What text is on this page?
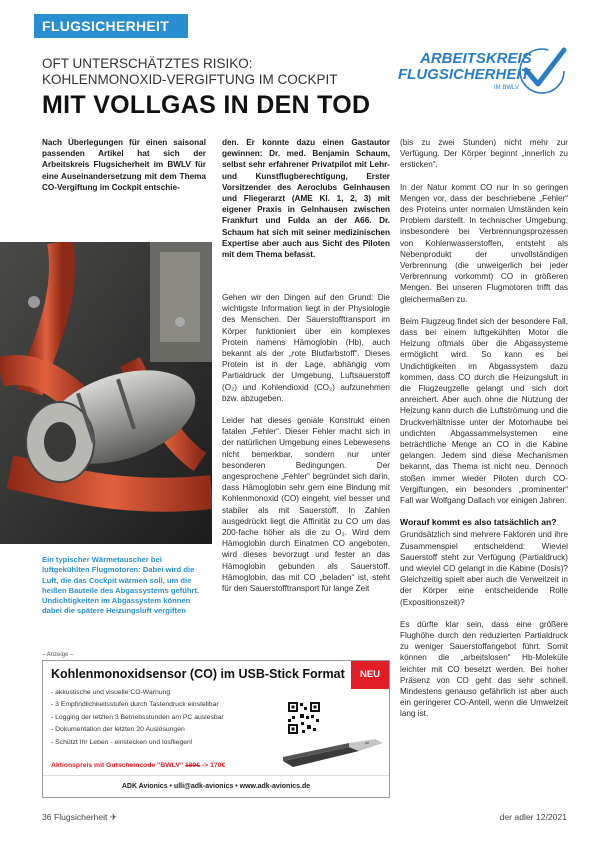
FLUGSICHERHEIT
OFT UNTERSCHÄTZTES RISIKO:
KOHLENMONOXID-VERGIFTUNG IM COCKPIT
MIT VOLLGAS IN DEN TOD
ARBEITSKREIS
FLUGSICHERHEIT
IM BWLV
Nach Überlegungen für einen saisonal passenden Artikel hat sich der Arbeitskreis Flugsicherheit im BWLV für eine Auseinandersetzung mit dem Thema CO-Vergiftung im Cockpit entschie-
den. Er konnte dazu einen Gastautor gewinnen: Dr. med. Benjamin Schaum, selbst sehr erfahrener Privatpilot mit Lehr- und Kunstflugberechtigung, Erster Vorsitzender des Aeroclubs Gelnhausen und Fliegerarzt (AME Kl. 1, 2, 3) mit eigener Praxis in Gelnhausen zwischen Frankfurt und Fulda an der A66. Dr. Schaum hat sich mit seiner medizinischen Expertise aber auch aus Sicht des Piloten mit dem Thema befasst.

Gehen wir den Dingen auf den Grund: Die wichtigste Information liegt in der Physiologie des Menschen. Der Sauerstofftransport im Körper funktioniert über ein komplexes Protein namens Hämoglobin (Hb), auch bekannt als der „rote Blutfarbstoff“. Dieses Protein ist in der Lage, abhängig vom Partialdruck der Umgebung, Luftsauerstoff (O₂) und Kohlendioxid (CO₂) aufzunehmen bzw. abzugeben.

Leider hat dieses geniale Konstrukt einen fatalen „Fehler“. Dieser Fehler macht sich in der natürlichen Umgebung eines Lebewesens nicht bemerkbar, sondern nur unter besonderen Bedingungen. Der angesprochene „Fehler“ begründet sich darin, dass Hämoglobin sehr gern eine Bindung mit Kohlenmonoxid (CO) eingeht, viel besser und stabiler als mit Sauerstoff. In Zahlen ausgedrückt liegt die Affinität zu CO um das 200-fache höher als die zu O₂. Wird dem Hämoglobin durch Einatmen CO angeboten, wird dieses bevorzugt und fester an das Hämoglobin gebunden als Sauerstoff. Hämoglobin, das mit CO „beladen“ ist, steht für den Sauerstofftransport für lange Zeit

(bis zu zwei Stunden) nicht mehr zur Verfügung. Der Körper beginnt „innerlich zu ersticken“.

In der Natur kommt CO nur in so geringen Mengen vor, dass der beschriebene „Fehler“ des Proteins unter normalen Umständen kein Problem darstellt. In technischer Umgebung, insbesondere bei Verbrennungsprozessen von Kohlenwasserstoffen, entsteht als Nebenprodukt der unvollständigen Verbrennung (die unweigerlich bei jeder Verbrennung vorkommt) CO in größeren Mengen. Bei unseren Flugmotoren trifft das gleichermaßen zu.

Beim Flugzeug findet sich der besondere Fall, dass bei einem luftgekühlten Motor die Heizung oftmals über die Abgassysteme ermöglicht wird. So kann es bei Undichtigkeiten im Abgassystem dazu kommen, dass CO durch die Heizungsluft in die Flugzeugzelle gelangt und sich dort anreichert. Aber auch ohne die Nutzung der Heizung kann durch die Luftströmung und die Druckverhältnisse unter der Motorhaube bei undichten Abgassammelsystemen eine beträchtliche Menge an CO in die Kabine gelangen. Jedem sind diese Mechanismen bekannt, das Thema ist nicht neu. Dennoch stoßen immer wieder Piloten durch CO-Vergiftungen, ein besonders „prominenter“ Fall war Wolfgang Dallach vor einigen Jahren.

Worauf kommt es also tatsächlich an?

Grundsätzlich sind mehrere Faktoren und ihre Zusammenspiel entscheidend: Wieviel Sauerstoff steht zur Verfügung (Partialdruck) und wieviel CO gelangt in die Kabine (Dosis)? Gleichzeitig spielt aber auch die Verweilzeit in der Körper eine entscheidende Rolle (Expositionszeit)?

Es dürfte klar sein, dass eine größere Flughöhe durch den reduzierten Partialdruck zu weniger Sauerstoffangebot führt. Somit können die „arbeitslosen“ Hb-Moleküle leichter mit CO besetzt werden. Bei hoher Präsenz von CO geht das sehr schnell. Mindestens genauso gefährlich ist aber auch ein geringerer CO-Anteil, wenn die Umwelzeit lang ist.

Ein typischer Wärmetauscher bei luftgekühlten Flugmotoren: Dabei wird die Luft, die das Cockpit wärmen soll, um die heißen Bauteile des Abgassystems geführt. Undichtigkeiten im Abgassystem können dabei die spätere Heizungsluft vergiften
– Anzeige –
Kohlenmonoxidsensor (CO) im USB-Stick Format	NEU
- akkustische und visuelle CO-Warnung
- 3 Empfindlichkeitsstufen durch Tastendruck einstellbar
- Logging der letzten 3 Betriebsstunden am PC auslesbar
- Dokumentation der letzten 20 Auslösungen
- Schützt Ihr Leben - einstecken und losfliegen!
Aktionspreis mit Gutscheincode "BWLV" 189€ -> 170€
ADK Avionics • ulli@adk-avionics • www.adk-avionics.de
36 Flugsicherheit ✈	der adler 12/2021
